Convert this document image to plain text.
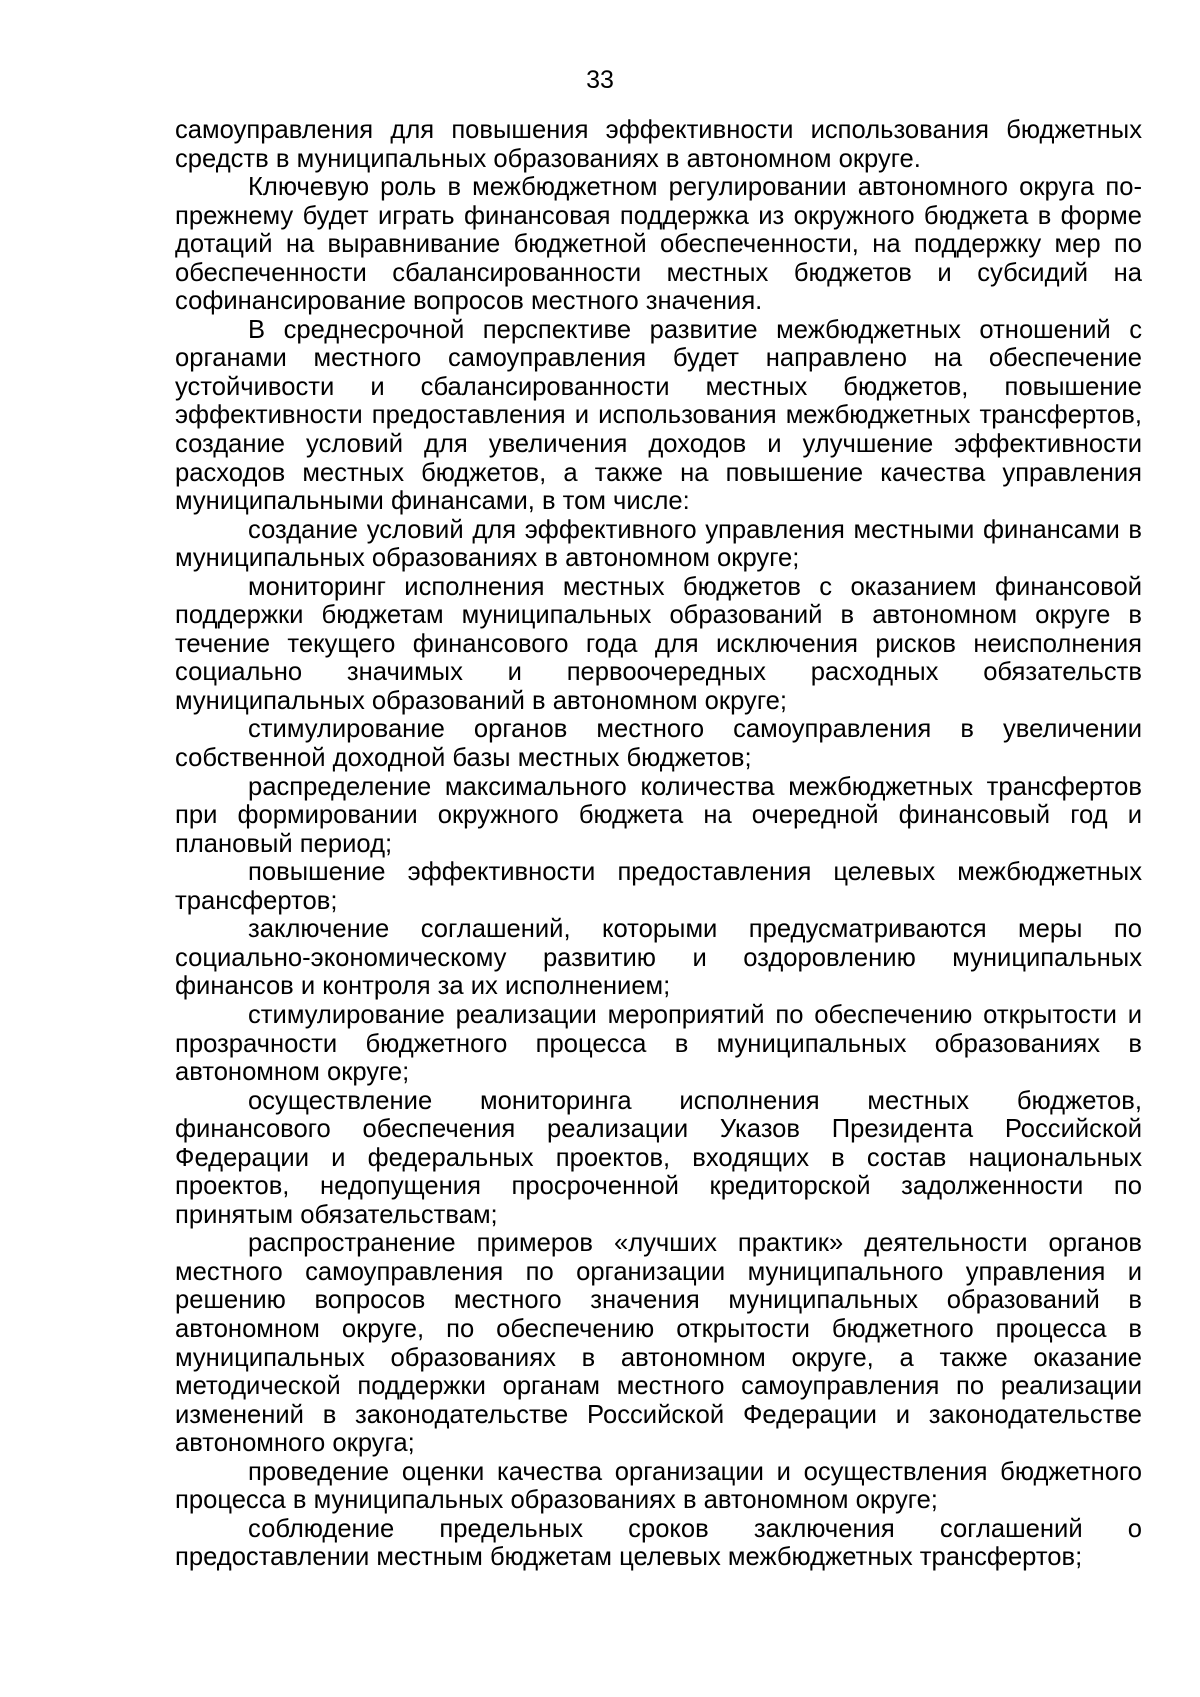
33

самоуправления для повышения эффективности использования бюджетных средств в муниципальных образованиях в автономном округе.

Ключевую роль в межбюджетном регулировании автономного округа по-прежнему будет играть финансовая поддержка из окружного бюджета в форме дотаций на выравнивание бюджетной обеспеченности, на поддержку мер по обеспеченности сбалансированности местных бюджетов и субсидий на софинансирование вопросов местного значения.

В среднесрочной перспективе развитие межбюджетных отношений с органами местного самоуправления будет направлено на обеспечение устойчивости и сбалансированности местных бюджетов, повышение эффективности предоставления и использования межбюджетных трансфертов, создание условий для увеличения доходов и улучшение эффективности расходов местных бюджетов, а также на повышение качества управления муниципальными финансами, в том числе:

создание условий для эффективного управления местными финансами в муниципальных образованиях в автономном округе;

мониторинг исполнения местных бюджетов с оказанием финансовой поддержки бюджетам муниципальных образований в автономном округе в течение текущего финансового года для исключения рисков неисполнения социально значимых и первоочередных расходных обязательств муниципальных образований в автономном округе;

стимулирование органов местного самоуправления в увеличении собственной доходной базы местных бюджетов;

распределение максимального количества межбюджетных трансфертов при формировании окружного бюджета на очередной финансовый год и плановый период;

повышение эффективности предоставления целевых межбюджетных трансфертов;

заключение соглашений, которыми предусматриваются меры по социально-экономическому развитию и оздоровлению муниципальных финансов и контроля за их исполнением;

стимулирование реализации мероприятий по обеспечению открытости и прозрачности бюджетного процесса в муниципальных образованиях в автономном округе;

осуществление мониторинга исполнения местных бюджетов, финансового обеспечения реализации Указов Президента Российской Федерации и федеральных проектов, входящих в состав национальных проектов, недопущения просроченной кредиторской задолженности по принятым обязательствам;

распространение примеров «лучших практик» деятельности органов местного самоуправления по организации муниципального управления и решению вопросов местного значения муниципальных образований в автономном округе, по обеспечению открытости бюджетного процесса в муниципальных образованиях в автономном округе, а также оказание методической поддержки органам местного самоуправления по реализации изменений в законодательстве Российской Федерации и законодательстве автономного округа;

проведение оценки качества организации и осуществления бюджетного процесса в муниципальных образованиях в автономном округе;

соблюдение предельных сроков заключения соглашений о предоставлении местным бюджетам целевых межбюджетных трансфертов;
